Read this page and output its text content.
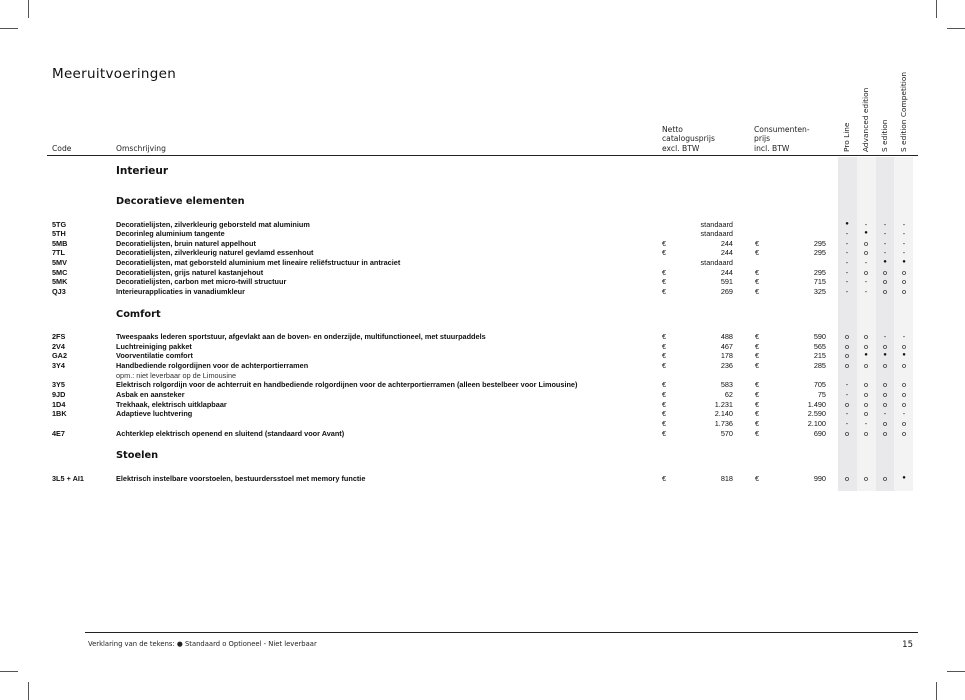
Meeruitvoeringen
Code	Omschrijving
Netto
catalogusprijs
excl. BTW
Consumenten-
prijs
incl. BTW	Pro Line Advanced edition S edition S edition Competition
Interieur
Decoratieve elementen
Comfort
Stoelen
5TG	Decoratielijsten, zilverkleurig geborsteld mat aluminium	standaard	●	-	-	-
5TH	Decorinleg aluminium tangente	standaard	-	●	-	-
5MB	Decoratielijsten, bruin naturel appelhout	€	244	€	295	-	o	-	-
7TL	Decoratielijsten, zilverkleurig naturel gevlamd essenhout	€	244	€	295	-	o	-	-
5MV	Decoratielijsten, mat geborsteld aluminium met lineaire reliëfstructuur in antraciet	standaard	-	-	●	●
5MC	Decoratielijsten, grijs naturel kastanjehout	€	244	€	295	-	o	o	o
5MK	Decoratielijsten, carbon met micro-twill structuur	€	591	€	715	-	-	o	o
QJ3	Interieurapplicaties in vanadiumkleur	€	269	€	325	-	-	o	o
2FS	Tweespaaks lederen sportstuur, afgevlakt aan de boven- en onderzijde, multifunctioneel, met stuurpaddels	€	488	€	590	o	o	-	-
2V4	Luchtreiniging pakket	€	467	€	565	o	o	o	o
GA2	Voorventilatie comfort	€	178	€	215	o	●	●	●
3Y4	Handbediende rolgordijnen voor de achterportierramen	€	236	€	285	o	o	o	o
opm.: niet leverbaar op de Limousine
3Y5	Elektrisch rolgordijn voor de achterruit en handbediende rolgordijnen voor de achterportierramen (alleen bestelbeer voor Limousine)	€	583	€	705	-	o	o	o
9JD	Asbak en aansteker	€	62	€	75	-	o	o	o
1D4	Trekhaak, elektrisch uitklapbaar	€	1.231	€	1.490	o	o	o	o
1BK	Adaptieve luchtvering	€	2.140	€	2.590	-	o	-	-
€	1.736	€	2.100	-	-	o	o
4E7	Achterklep elektrisch openend en sluitend (standaard voor Avant)	€	570	€	690	o	o	o	o
3L5 + AI1	Elektrisch instelbare voorstoelen, bestuurdersstoel met memory functie	€	818	€	990	o	o	o	●
Verklaring van de tekens: ● Standaard o Optioneel - Niet leverbaar	15
